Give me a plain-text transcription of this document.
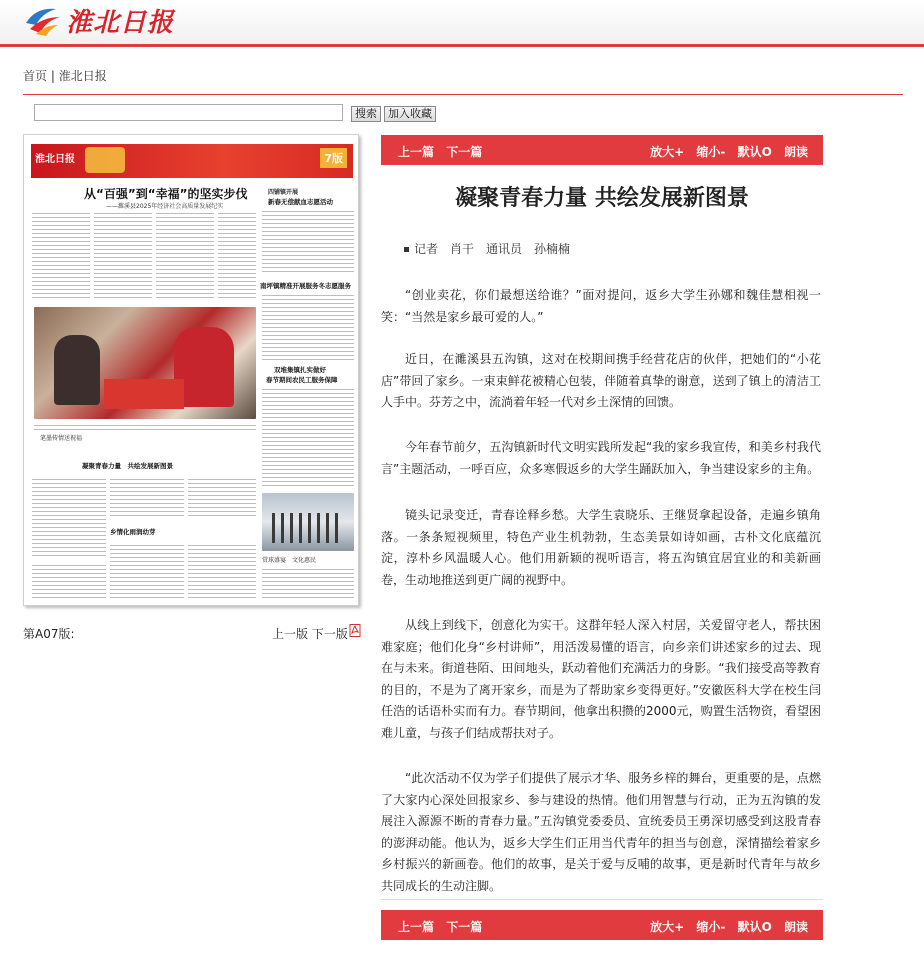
淮北日报
首页 | 淮北日报
搜索	加入收藏
淮北日报	7版
从“百强”到“幸福”的坚实步伐
——濉溪县2025年经济社会高质量发展纪实
四铺镇开展
新春无偿献血志愿活动
南坪镇精准开展服务冬志愿服务
双堆集镇扎实做好
春节期间农民工服务保障
笔墨传情送祝福
凝聚青春力量　共绘发展新图景
乡情化雨润幼芽
赏球盛宴　文化惠民
第A07版:	上一版 下一版
上一篇 下一篇	放大+ 缩小- 默认O 朗读
凝聚青春力量 共绘发展新图景
记者　肖干　通讯员　孙楠楠
“创业卖花，你们最想送给谁？”面对提问，返乡大学生孙娜和魏佳慧相视一笑：“当然是家乡最可爱的人。”
近日，在濉溪县五沟镇，这对在校期间携手经营花店的伙伴，把她们的“小花店”带回了家乡。一束束鲜花被精心包装，伴随着真挚的谢意，送到了镇上的清洁工人手中。芬芳之中，流淌着年轻一代对乡土深情的回馈。
今年春节前夕，五沟镇新时代文明实践所发起“我的家乡我宣传，和美乡村我代言”主题活动，一呼百应，众多寒假返乡的大学生踊跃加入，争当建设家乡的主角。
镜头记录变迁，青春诠释乡愁。大学生袁晓乐、王继贤拿起设备，走遍乡镇角落。一条条短视频里，特色产业生机勃勃，生态美景如诗如画，古朴文化底蕴沉淀，淳朴乡风温暖人心。他们用新颖的视听语言，将五沟镇宜居宜业的和美新画卷，生动地推送到更广阔的视野中。
从线上到线下，创意化为实干。这群年轻人深入村居，关爱留守老人，帮扶困难家庭；他们化身“乡村讲师”，用活泼易懂的语言，向乡亲们讲述家乡的过去、现在与未来。街道巷陌、田间地头，跃动着他们充满活力的身影。“我们接受高等教育的目的，不是为了离开家乡，而是为了帮助家乡变得更好。”安徽医科大学在校生闫任浩的话语朴实而有力。春节期间，他拿出积攒的2000元，购置生活物资，看望困难儿童，与孩子们结成帮扶对子。
“此次活动不仅为学子们提供了展示才华、服务乡梓的舞台，更重要的是，点燃了大家内心深处回报家乡、参与建设的热情。他们用智慧与行动，正为五沟镇的发展注入源源不断的青春力量。”五沟镇党委委员、宣统委员王勇深切感受到这股青春的澎湃动能。他认为，返乡大学生们正用当代青年的担当与创意，深情描绘着家乡乡村振兴的新画卷。他们的故事，是关于爱与反哺的故事，更是新时代青年与故乡共同成长的生动注脚。
上一篇 下一篇	放大+ 缩小- 默认O 朗读
